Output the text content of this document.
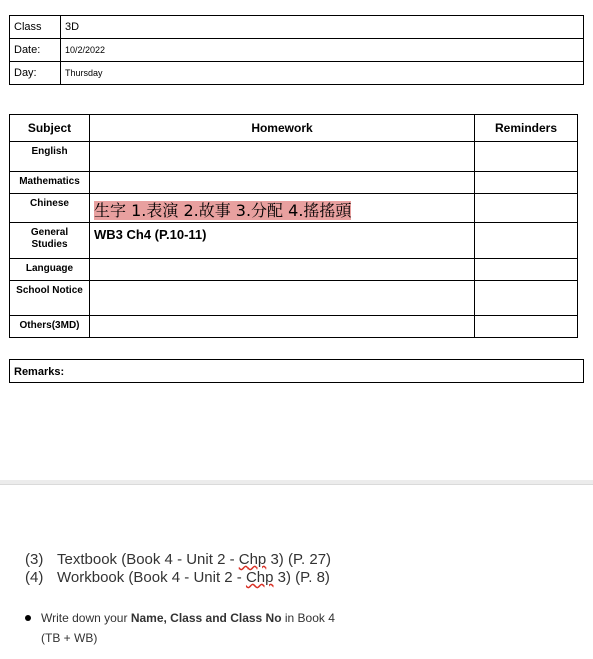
Class	3D
Date:	10/2/2022
Day:	Thursday
Subject	Homework	Reminders
English		
Mathematics		
Chinese	生字 1.表演 2.故事 3.分配 4.搖搖頭	
General Studies	WB3 Ch4 (P.10-11)	
Language		
School Notice		
Others(3MD)		
Remarks:
(3) Textbook (Book 4 - Unit 2 - Chp 3) (P. 27)
(4) Workbook (Book 4 - Unit 2 - Chp 3) (P. 8)
Write down your Name, Class and Class No in Book 4
(TB + WB)
